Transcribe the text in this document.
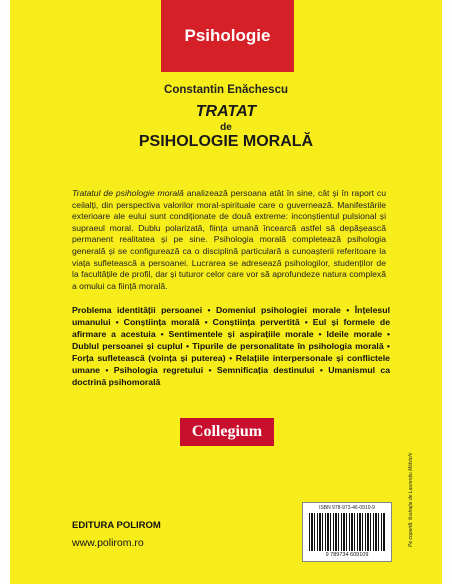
Psihologie
Constantin Enăchescu
TRATAT
de
PSIHOLOGIE MORALĂ
Tratatul de psihologie morală analizează persoana atât în sine, cât și în raport cu ceilalți, din perspectiva valorilor moral-spirituale care o guvernează. Manifestările exterioare ale eului sunt condiționate de două extreme: inconștientul pulsional și supraeul moral. Dublu polarizată, ființa umană încearcă astfel să depășească permanent realitatea și pe sine. Psihologia morală completează psihologia generală și se configurează ca o disciplină particulară a cunoașterii referitoare la viața sufletească a persoanei. Lucrarea se adresează psihologilor, studenților de la facultățile de profil, dar și tuturor celor care vor să aprofundeze natura complexă a omului ca ființă morală.
Problema identității persoanei • Domeniul psihologiei morale • Înțelesul umanului • Conștiința morală • Conștiința pervertită • Eul și formele de afirmare a acestuia • Sentimentele și aspirațiile morale • Ideile morale • Dublul persoanei și cuplul • Tipurile de personalitate în psihologia morală • Forța sufletească (voința și puterea) • Relațiile interpersonale și conflictele umane • Psihologia regretului • Semnificația destinului • Umanismul ca doctrină psihomorală
Collegium
ISBN 978-973-46-0910-9
9 789734 609109
EDITURA POLIROM
www.polirom.ro	Pe copertă: ilustrație de Laurențiu Midvichi
